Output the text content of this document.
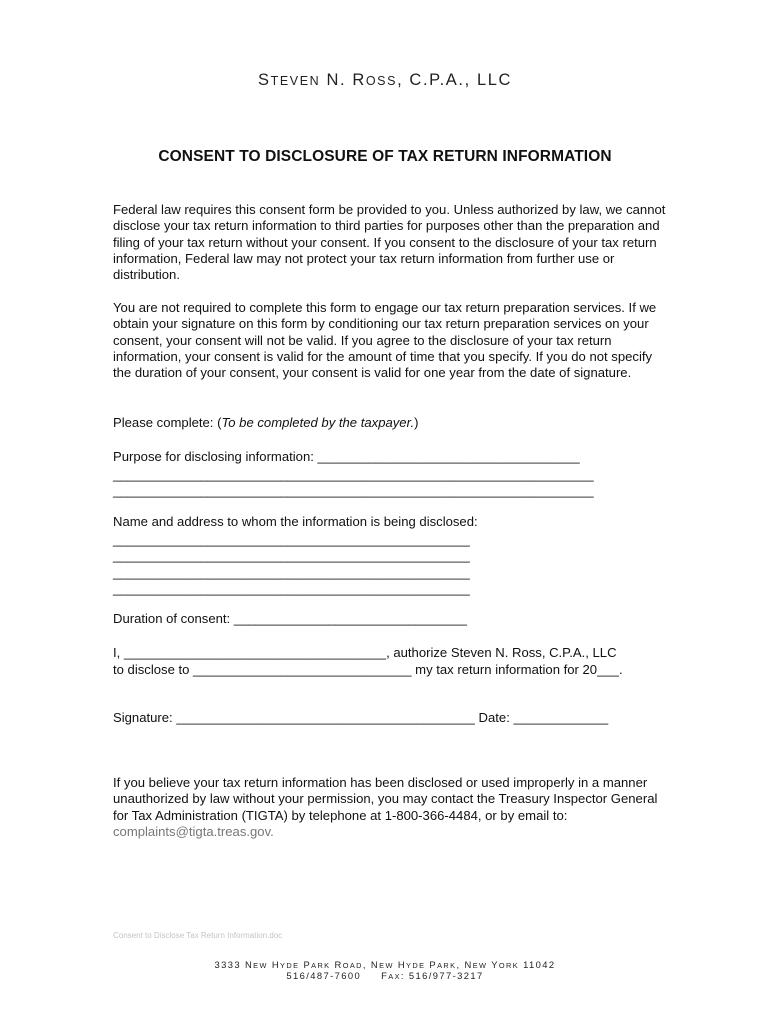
STEVEN N. ROSS, C.P.A., LLC
CONSENT TO DISCLOSURE OF TAX RETURN INFORMATION
Federal law requires this consent form be provided to you. Unless authorized by law, we cannot disclose your tax return information to third parties for purposes other than the preparation and filing of your tax return without your consent. If you consent to the disclosure of your tax return information, Federal law may not protect your tax return information from further use or distribution.
You are not required to complete this form to engage our tax return preparation services. If we obtain your signature on this form by conditioning our tax return preparation services on your consent, your consent will not be valid. If you agree to the disclosure of your tax return information, your consent is valid for the amount of time that you specify. If you do not specify the duration of your consent, your consent is valid for one year from the date of signature.
Please complete: (To be completed by the taxpayer.)
Purpose for disclosing information: ____________________________________
__________________________________________________________________
__________________________________________________________________
Name and address to whom the information is being disclosed:
_________________________________________________
_________________________________________________
_________________________________________________
_________________________________________________
Duration of consent: ________________________________
I, ____________________________________, authorize Steven N. Ross, C.P.A., LLC
to disclose to ______________________________ my tax return information for 20___.
Signature: _________________________________________ Date: _____________
If you believe your tax return information has been disclosed or used improperly in a manner unauthorized by law without your permission, you may contact the Treasury Inspector General for Tax Administration (TIGTA) by telephone at 1-800-366-4484, or by email to: complaints@tigta.treas.gov.
Consent to Disclose Tax Return Information.doc
3333 NEW HYDE PARK ROAD, NEW HYDE PARK, NEW YORK 11042
516/487-7600     FAX: 516/977-3217
